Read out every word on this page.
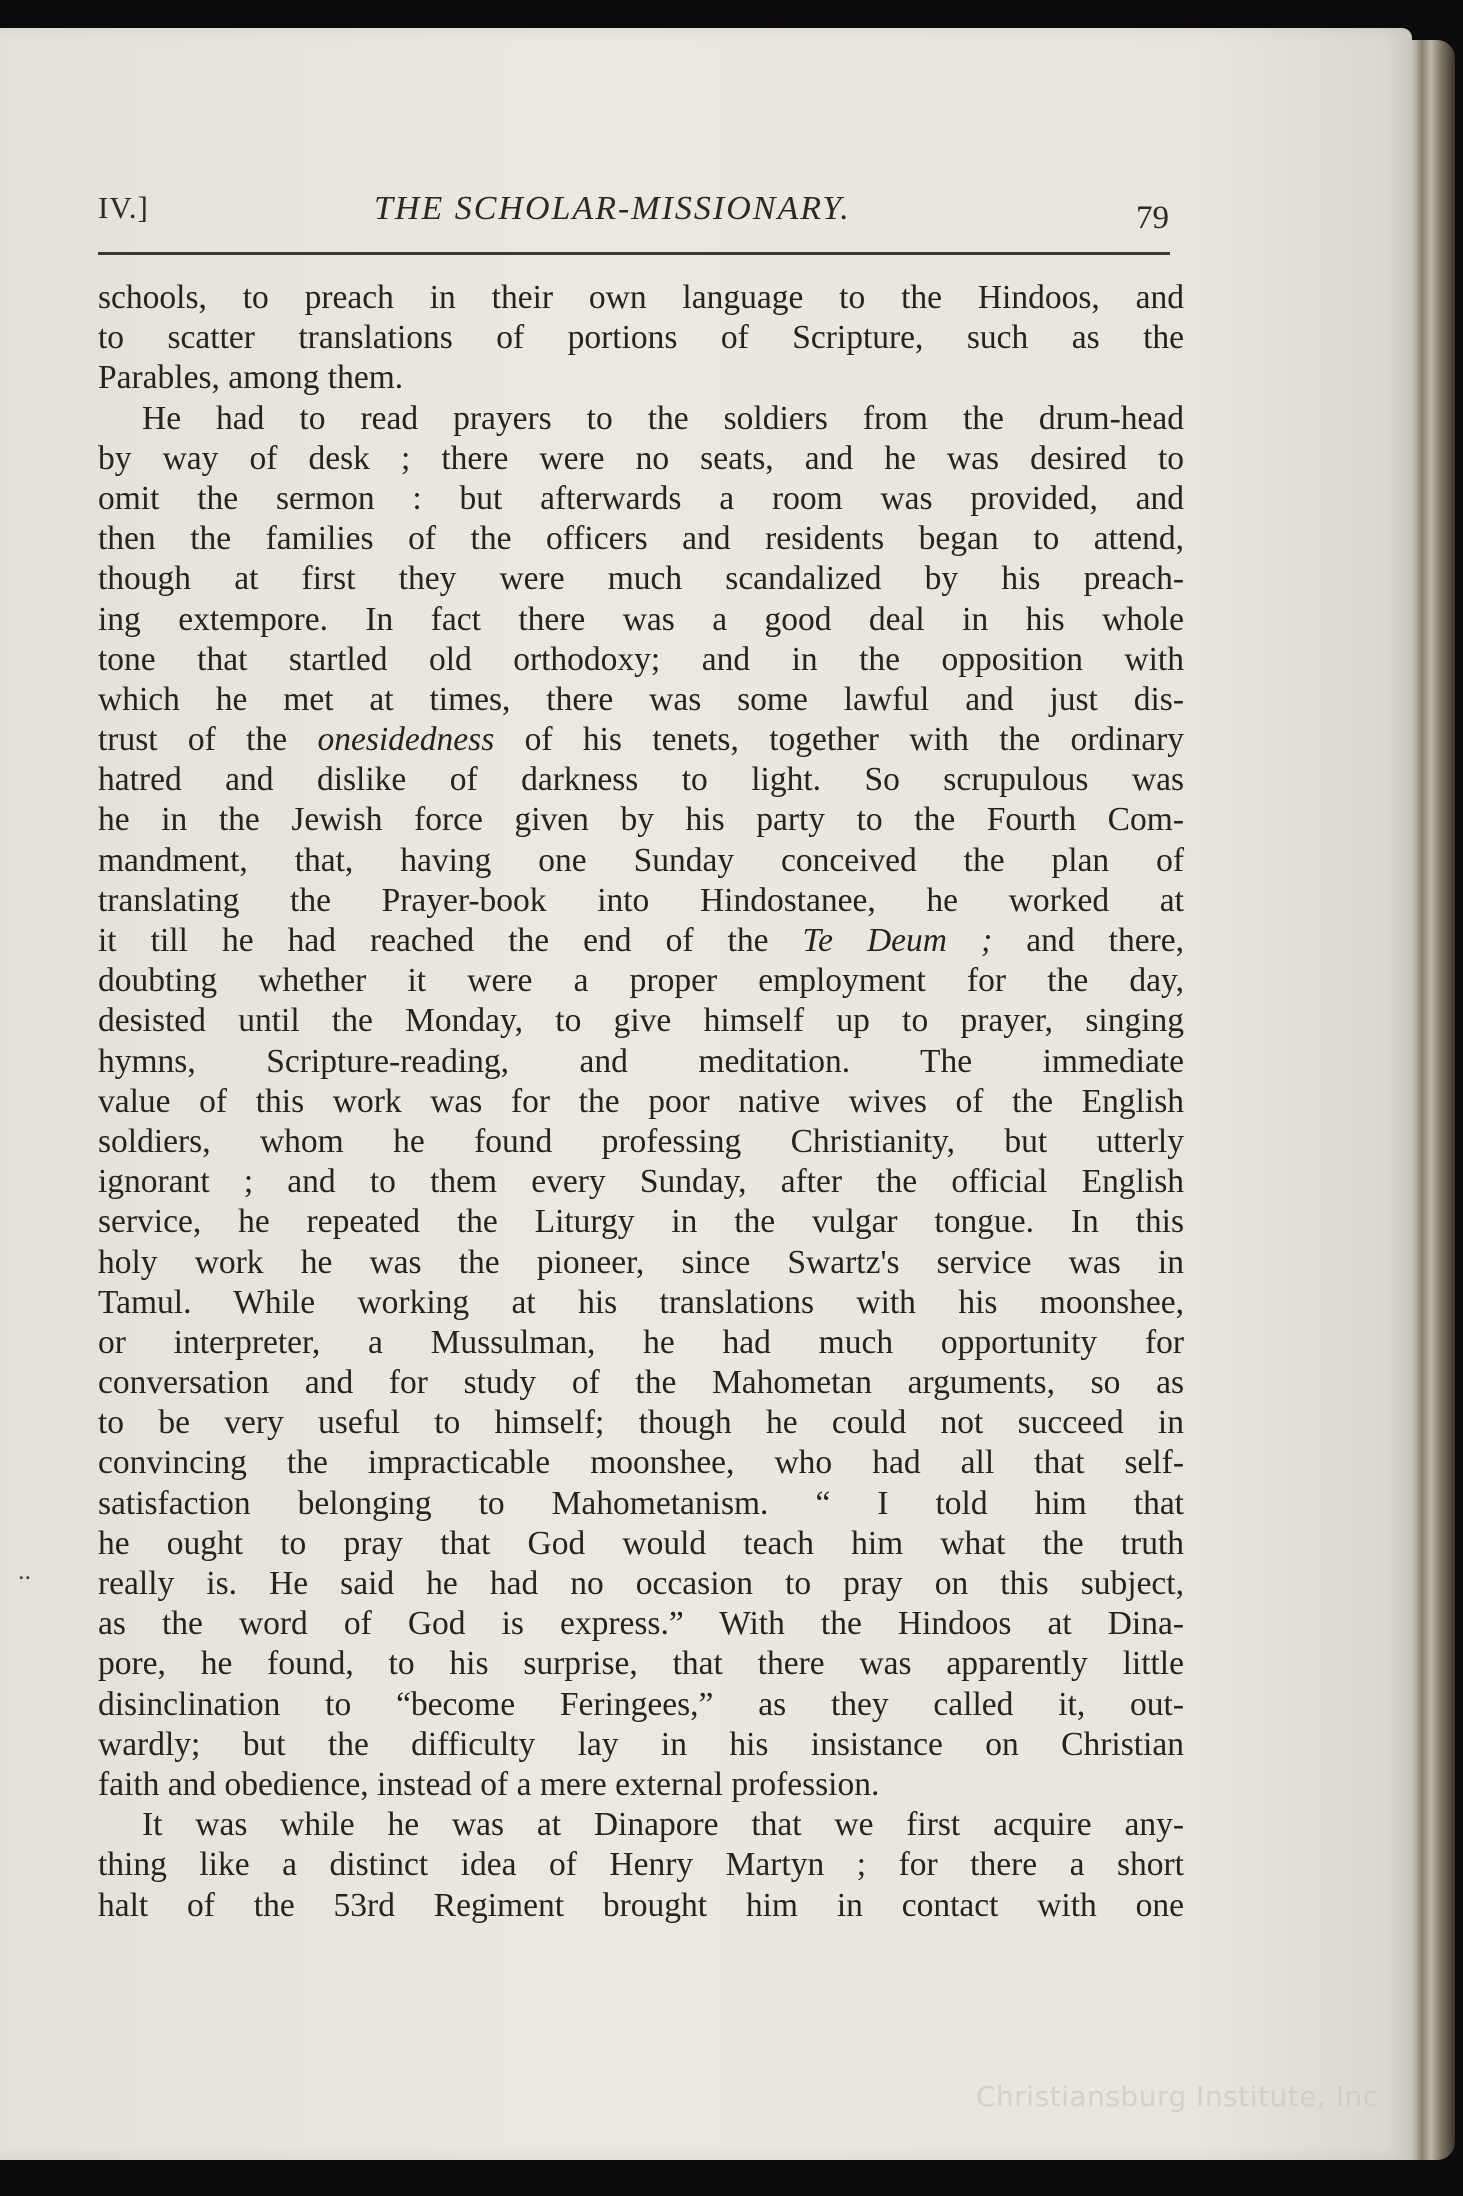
IV.]	THE SCHOLAR-MISSIONARY.	79
..
schools, to preach in their own language to the Hindoos, and
to scatter translations of portions of Scripture, such as the
Parables, among them.
He had to read prayers to the soldiers from the drum-head
by way of desk ; there were no seats, and he was desired to
omit the sermon : but afterwards a room was provided, and
then the families of the officers and residents began to attend,
though at first they were much scandalized by his preach-
ing extempore. In fact there was a good deal in his whole
tone that startled old orthodoxy; and in the opposition with
which he met at times, there was some lawful and just dis-
trust of the onesidedness of his tenets, together with the ordinary
hatred and dislike of darkness to light. So scrupulous was
he in the Jewish force given by his party to the Fourth Com-
mandment, that, having one Sunday conceived the plan of
translating the Prayer-book into Hindostanee, he worked at
it till he had reached the end of the Te Deum ; and there,
doubting whether it were a proper employment for the day,
desisted until the Monday, to give himself up to prayer, singing
hymns, Scripture-reading, and meditation. The immediate
value of this work was for the poor native wives of the English
soldiers, whom he found professing Christianity, but utterly
ignorant ; and to them every Sunday, after the official English
service, he repeated the Liturgy in the vulgar tongue. In this
holy work he was the pioneer, since Swartz's service was in
Tamul. While working at his translations with his moonshee,
or interpreter, a Mussulman, he had much opportunity for
conversation and for study of the Mahometan arguments, so as
to be very useful to himself; though he could not succeed in
convincing the impracticable moonshee, who had all that self-
satisfaction belonging to Mahometanism. “ I told him that
he ought to pray that God would teach him what the truth
really is. He said he had no occasion to pray on this subject,
as the word of God is express.” With the Hindoos at Dina-
pore, he found, to his surprise, that there was apparently little
disinclination to “become Feringees,” as they called it, out-
wardly; but the difficulty lay in his insistance on Christian
faith and obedience, instead of a mere external profession.
It was while he was at Dinapore that we first acquire any-
thing like a distinct idea of Henry Martyn ; for there a short
halt of the 53rd Regiment brought him in contact with one
Christiansburg Institute, Inc
